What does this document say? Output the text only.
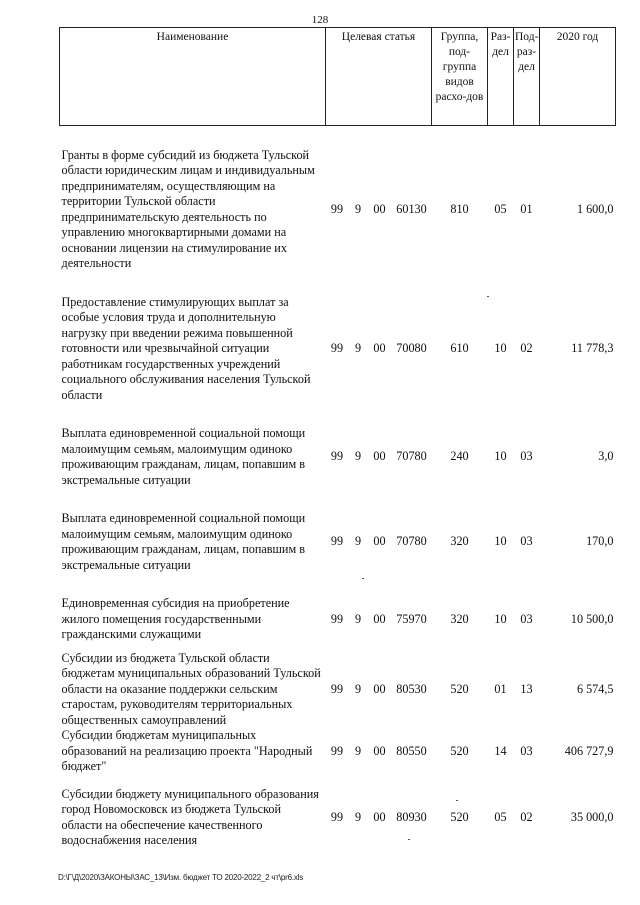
128
Наименование	Целевая статья				Группа, под-группа видов расхо-дов	Раз-дел	Под-раз-дел	2020 год

Гранты в форме субсидий из бюджета Тульской области юридическим лицам и индивидуальным предпринимателям, осуществляющим на территории Тульской области предпринимательскую деятельность по управлению многоквартирными домами на основании лицензии на стимулирование их деятельности	99	9	00	60130	810	05	01	1 600,0

Предоставление стимулирующих выплат за особые условия труда и дополнительную нагрузку при введении режима повышенной готовности или чрезвычайной ситуации работникам государственных учреждений социального обслуживания населения Тульской области	99	9	00	70080	610	10	02	11 778,3

Выплата единовременной социальной помощи малоимущим семьям, малоимущим одиноко проживающим гражданам, лицам, попавшим в экстремальные ситуации	99	9	00	70780	240	10	03	3,0

Выплата единовременной социальной помощи малоимущим семьям, малоимущим одиноко проживающим гражданам, лицам, попавшим в экстремальные ситуации	99	9	00	70780	320	10	03	170,0

Единовременная субсидия на приобретение жилого помещения государственными гражданскими служащими	99	9	00	75970	320	10	03	10 500,0

Субсидии из бюджета Тульской области бюджетам муниципальных образований Тульской области на оказание поддержки сельским старостам, руководителям территориальных общественных самоуправлений	99	9	00	80530	520	01	13	6 574,5
Субсидии бюджетам муниципальных образований на реализацию проекта "Народный бюджет"	99	9	00	80550	520	14	03	406 727,9

Субсидии бюджету муниципального образования город Новомосковск из бюджета Тульской области на обеспечение качественного водоснабжения населения	99	9	00	80930	520	05	02	35 000,0
D:\Г\Д\2020\ЗАКОНЫ\ЗАС_13\Изм. бюджет ТО 2020-2022_2 чт\pr6.xls
